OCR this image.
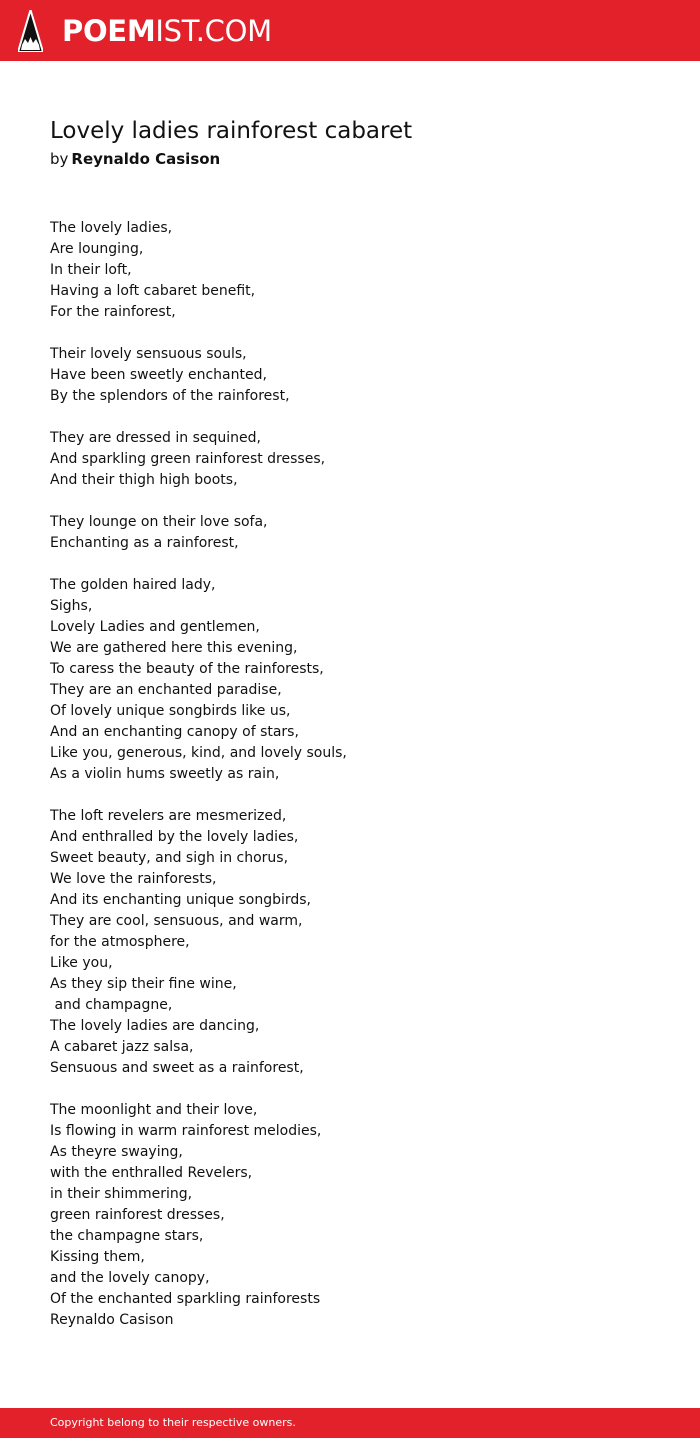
POEMIST.COM
Lovely ladies rainforest cabaret
by Reynaldo Casison
The lovely ladies,
Are lounging,
In their loft,
Having a loft cabaret benefit,
For the rainforest,

Their lovely sensuous souls,
Have been sweetly enchanted,
By the splendors of the rainforest,

They are dressed in sequined,
And sparkling green rainforest dresses,
And their thigh high boots,

They lounge on their love sofa,
Enchanting as a rainforest,

The golden haired lady,
Sighs,
Lovely Ladies and gentlemen,
We are gathered here this evening,
To caress the beauty of the rainforests,
They are an enchanted paradise,
Of lovely unique songbirds like us,
And an enchanting canopy of stars,
Like you, generous, kind, and lovely souls,
As a violin hums sweetly as rain,

The loft revelers are mesmerized,
And enthralled by the lovely ladies,
Sweet beauty, and sigh in chorus,
We love the rainforests,
And its enchanting unique songbirds,
They are cool, sensuous, and warm,
for the atmosphere,
Like you,
As they sip their fine wine,
and champagne,
The lovely ladies are dancing,
A cabaret jazz salsa,
Sensuous and sweet as a rainforest,

The moonlight and their love,
Is flowing in warm rainforest melodies,
As theyre swaying,
with the enthralled Revelers,
in their shimmering,
green rainforest dresses,
the champagne stars,
Kissing them,
and the lovely canopy,
Of the enchanted sparkling rainforests
Reynaldo Casison
Copyright belong to their respective owners.
